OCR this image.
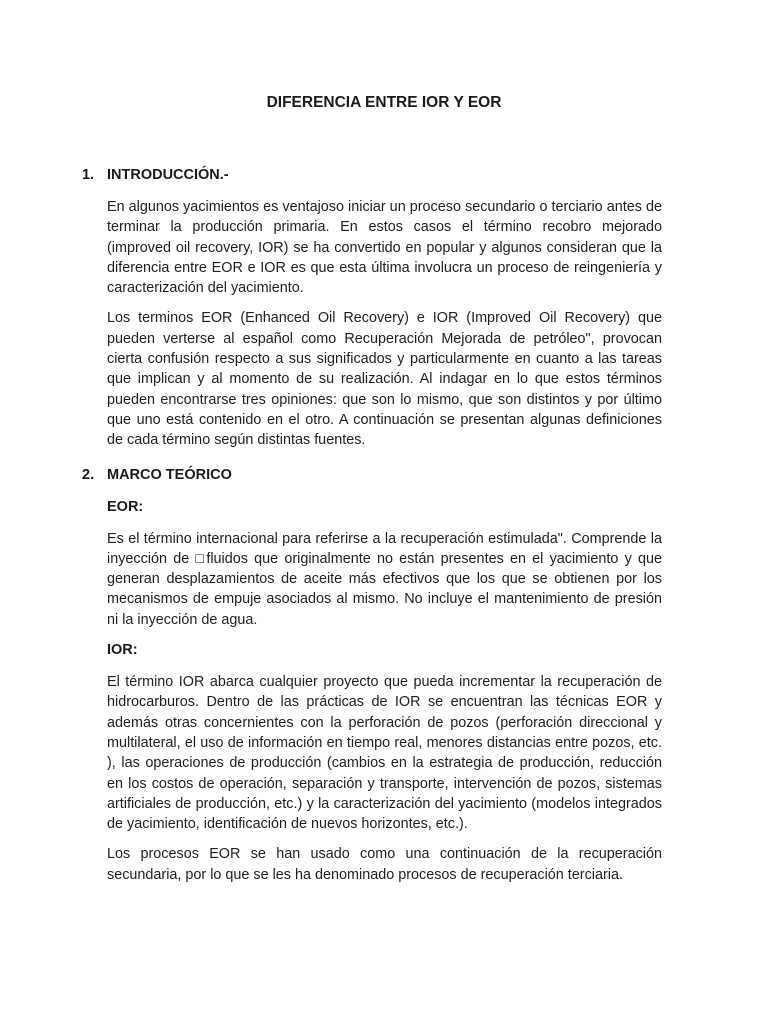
DIFERENCIA ENTRE IOR Y EOR
1. INTRODUCCIÓN.-

En algunos yacimientos es ventajoso iniciar un proceso secundario o terciario antes de terminar la producción primaria. En estos casos el término recobro mejorado (improved oil recovery, IOR) se ha convertido en popular y algunos consideran que la diferencia entre EOR e IOR es que esta última involucra un proceso de reingeniería y caracterización del yacimiento.

Los terminos EOR (Enhanced Oil Recovery) e IOR (Improved Oil Recovery) que pueden verterse al español como Recuperación Mejorada de petróleo", provocan cierta confusión respecto a sus significados y particularmente en cuanto a las tareas que implican y al momento de su realización. Al indagar en lo que estos términos pueden encontrarse tres opiniones: que son lo mismo, que son distintos y por último que uno está contenido en el otro. A continuación se presentan algunas definiciones de cada término según distintas fuentes.

2. MARCO TEÓRICO
EOR:

Es el término internacional para referirse a la recuperación estimulada". Comprende la inyección de □fluidos que originalmente no están presentes en el yacimiento y que generan desplazamientos de aceite más efectivos que los que se obtienen por los mecanismos de empuje asociados al mismo. No incluye el mantenimiento de presión ni la inyección de agua.

IOR:

El término IOR abarca cualquier proyecto que pueda incrementar la recuperación de hidrocarburos. Dentro de las prácticas de IOR se encuentran las técnicas EOR y además otras concernientes con la perforación de pozos (perforación direccional y multilateral, el uso de información en tiempo real, menores distancias entre pozos, etc. ), las operaciones de producción (cambios en la estrategia de producción, reducción en los costos de operación, separación y transporte, intervención de pozos, sistemas artificiales de producción, etc.) y la caracterización del yacimiento (modelos integrados de yacimiento, identificación de nuevos horizontes, etc.).

Los procesos EOR se han usado como una continuación de la recuperación secundaria, por lo que se les ha denominado procesos de recuperación terciaria.
